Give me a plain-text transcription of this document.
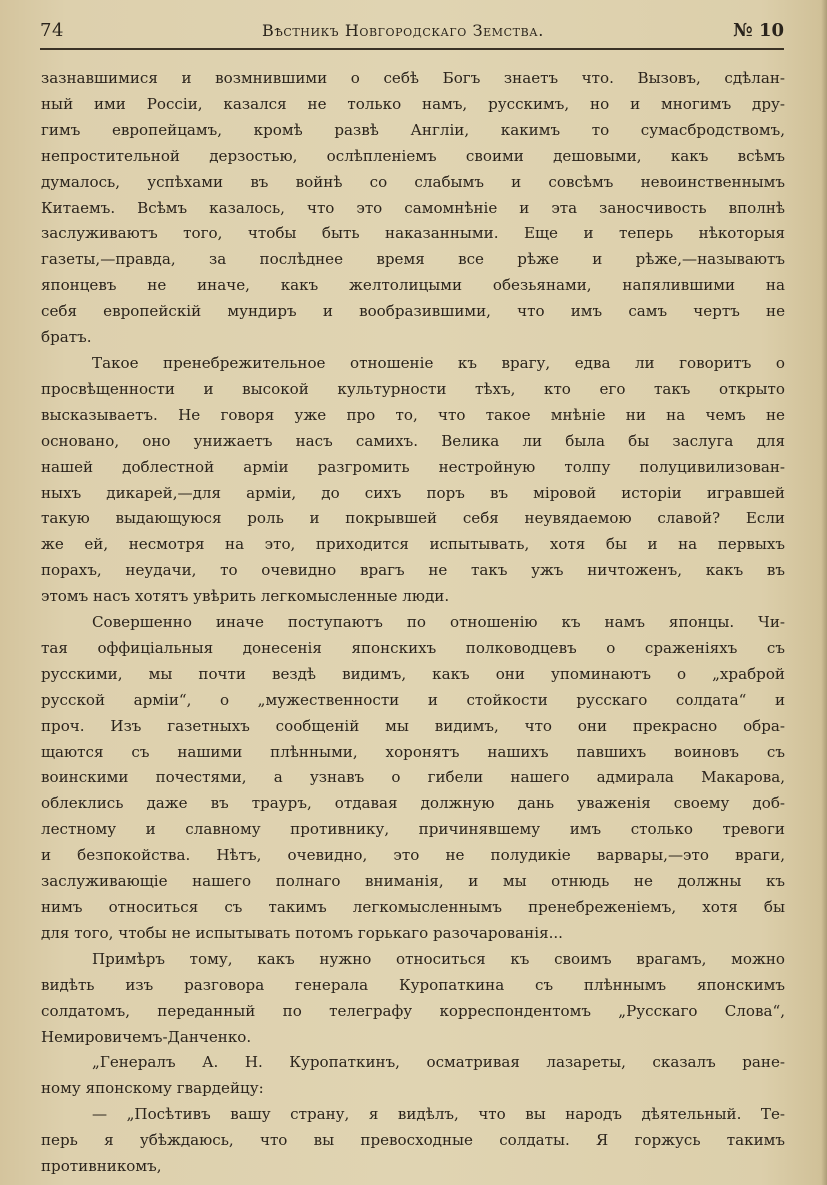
74	Вѣстникъ Новгородскаго Земства.	№ 10
зазнавшимися и возмнившими о себѣ Богъ знаетъ что. Вызовъ, сдѣлан-
ный ими Россіи, казался не только намъ, русскимъ, но и многимъ дру-
гимъ европейцамъ, кромѣ развѣ Англіи, какимъ то сумасбродствомъ,
непростительной дерзостью, ослѣпленіемъ своими дешовыми, какъ всѣмъ
думалось, успѣхами въ войнѣ со слабымъ и совсѣмъ невоинственнымъ
Китаемъ. Всѣмъ казалось, что это самомнѣніе и эта заносчивость вполнѣ
заслуживаютъ того, чтобы быть наказанными. Еще и теперь нѣкоторыя
газеты,—правда, за послѣднее время все рѣже и рѣже,—называютъ
японцевъ не иначе, какъ желтолицыми обезьянами, напялившими на
себя европейскій мундиръ и вообразившими, что имъ самъ чертъ не
братъ.
Такое пренебрежительное отношеніе къ врагу, едва ли говоритъ о
просвѣщенности и высокой культурности тѣхъ, кто его такъ открыто
высказываетъ. Не говоря уже про то, что такое мнѣніе ни на чемъ не
основано, оно унижаетъ насъ самихъ. Велика ли была бы заслуга для
нашей доблестной арміи разгромить нестройную толпу полуцивилизован-
ныхъ дикарей,—для арміи, до сихъ поръ въ міровой исторіи игравшей
такую выдающуюся роль и покрывшей себя неувядаемою славой? Если
же ей, несмотря на это, приходится испытывать, хотя бы и на первыхъ
порахъ, неудачи, то очевидно врагъ не такъ ужъ ничтоженъ, какъ въ
этомъ насъ хотятъ увѣрить легкомысленные люди.
Совершенно иначе поступаютъ по отношенію къ намъ японцы. Чи-
тая оффиціальныя донесенія японскихъ полководцевъ о сраженіяхъ съ
русскими, мы почти вездѣ видимъ, какъ они упоминаютъ о „храброй
русской арміи“, о „мужественности и стойкости русскаго солдата“ и
проч. Изъ газетныхъ сообщеній мы видимъ, что они прекрасно обра-
щаются съ нашими плѣнными, хоронятъ нашихъ павшихъ воиновъ съ
воинскими почестями, а узнавъ о гибели нашего адмирала Макарова,
облеклись даже въ трауръ, отдавая должную дань уваженія своему доб-
лестному и славному противнику, причинявшему имъ столько тревоги
и безпокойства. Нѣтъ, очевидно, это не полудикіе варвары,—это враги,
заслуживающіе нашего полнаго вниманія, и мы отнюдь не должны къ
нимъ относиться съ такимъ легкомысленнымъ пренебреженіемъ, хотя бы
для того, чтобы не испытывать потомъ горькаго разочарованія...
Примѣръ тому, какъ нужно относиться къ своимъ врагамъ, можно
видѣть изъ разговора генерала Куропаткина съ плѣннымъ японскимъ
солдатомъ, переданный по телеграфу корреспондентомъ „Русскаго Слова“,
Немировичемъ-Данченко.
„Генералъ А. Н. Куропаткинъ, осматривая лазареты, сказалъ ране-
ному японскому гвардейцу:
— „Посѣтивъ вашу страну, я видѣлъ, что вы народъ дѣятельный. Те-
перь я убѣждаюсь, что вы превосходные солдаты. Я горжусь такимъ
противникомъ,
